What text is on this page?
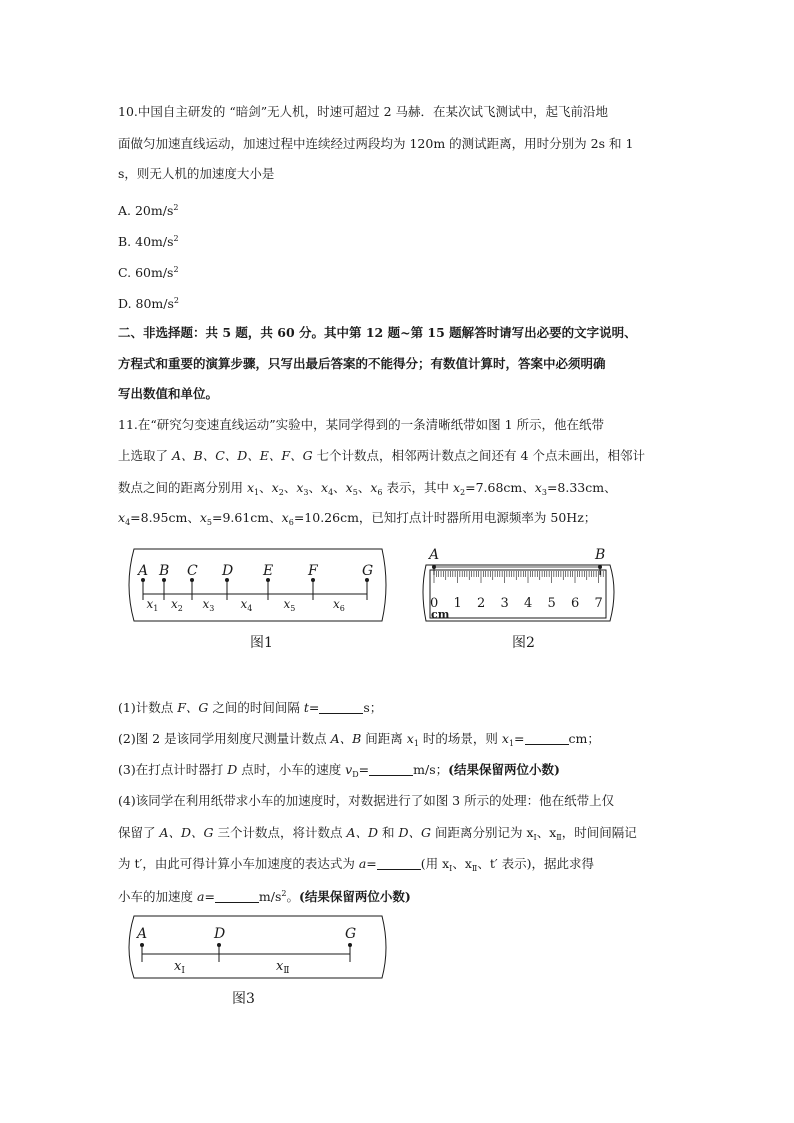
10.中国自主研发的 “暗剑”无人机，时速可超过 2 马赫．在某次试飞测试中，起飞前沿地
面做匀加速直线运动，加速过程中连续经过两段均为 120m 的测试距离，用时分别为 2s 和 1
s，则无人机的加速度大小是
A. $20m/s^2$
B. $40m/s^2$
C. $60m/s^2$
D. $80m/s^2$
二、非选择题：共 5 题，共 60 分。其中第 12 题~第 15 题解答时请写出必要的文字说明、
方程式和重要的演算步骤，只写出最后答案的不能得分；有数值计算时，答案中必须明确
写出数值和单位。
11.在“研究匀变速直线运动”实验中，某同学得到的一条清晰纸带如图 1 所示，他在纸带
上选取了 A、B、C、D、E、F、G 七个计数点，相邻两计数点之间还有 4 个点未画出，相邻计
数点之间的距离分别用 $x_1$、$x_2$、$x_3$、$x_4$、$x_5$、$x_6$ 表示，其中 $x_2=7.68cm$、$x_3=8.33cm$、
$x_4=8.95cm$、$x_5=9.61cm$、$x_6=10.26cm$，已知打点计时器所用电源频率为 50Hz；
A B C D E F	G
$x_1$ $x_2$ $x_3$ $x_4$	$x_5$	$x_6$
图1
0 1 2 3 4 5 6 7
cm
A	B
图2
(1)计数点 F、G 之间的时间间隔 t=	s；
(2)图 2 是该同学用刻度尺测量计数点 A、B 间距离 $x_1$ 时的场景，则 $x_1=$	cm；
(3)在打点计时器打 D 点时，小车的速度 $v_D=$	m/s；(结果保留两位小数)
(4)该同学在利用纸带求小车的加速度时，对数据进行了如图 3 所示的处理：他在纸带上仅
保留了 A、D、G 三个计数点，将计数点 A、D 和 D、G 间距离分别记为 $x_Ⅰ$、$x_Ⅱ$，时间间隔记
为 t′，由此可得计算小车加速度的表达式为 a=	(用 $x_Ⅰ$、$x_Ⅱ$、t′ 表示)，据此求得
小车的加速度 a=	$m/s^2$。(结果保留两位小数)
A	D	G
$x_Ⅰ$	$x_Ⅱ$
图3
